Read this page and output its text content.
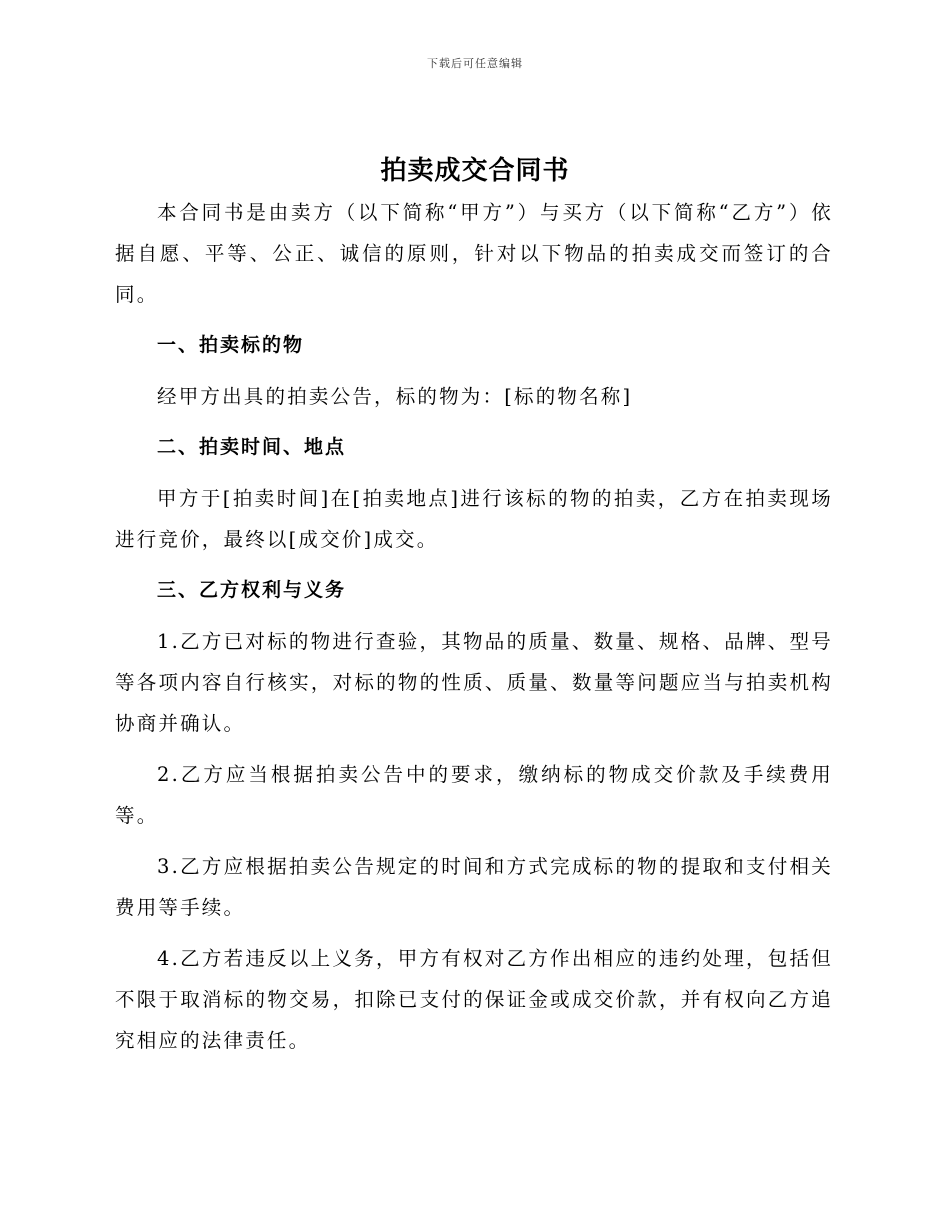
下载后可任意编辑
拍卖成交合同书

本合同书是由卖方（以下简称“甲方”）与买方（以下简称“乙方”）依据自愿、平等、公正、诚信的原则，针对以下物品的拍卖成交而签订的合同。

一、拍卖标的物

经甲方出具的拍卖公告，标的物为：[标的物名称]

二、拍卖时间、地点

甲方于[拍卖时间]在[拍卖地点]进行该标的物的拍卖，乙方在拍卖现场进行竞价，最终以[成交价]成交。

三、乙方权利与义务

1.乙方已对标的物进行查验，其物品的质量、数量、规格、品牌、型号等各项内容自行核实，对标的物的性质、质量、数量等问题应当与拍卖机构协商并确认。

2.乙方应当根据拍卖公告中的要求，缴纳标的物成交价款及手续费用等。

3.乙方应根据拍卖公告规定的时间和方式完成标的物的提取和支付相关费用等手续。

4.乙方若违反以上义务，甲方有权对乙方作出相应的违约处理，包括但不限于取消标的物交易，扣除已支付的保证金或成交价款，并有权向乙方追究相应的法律责任。
